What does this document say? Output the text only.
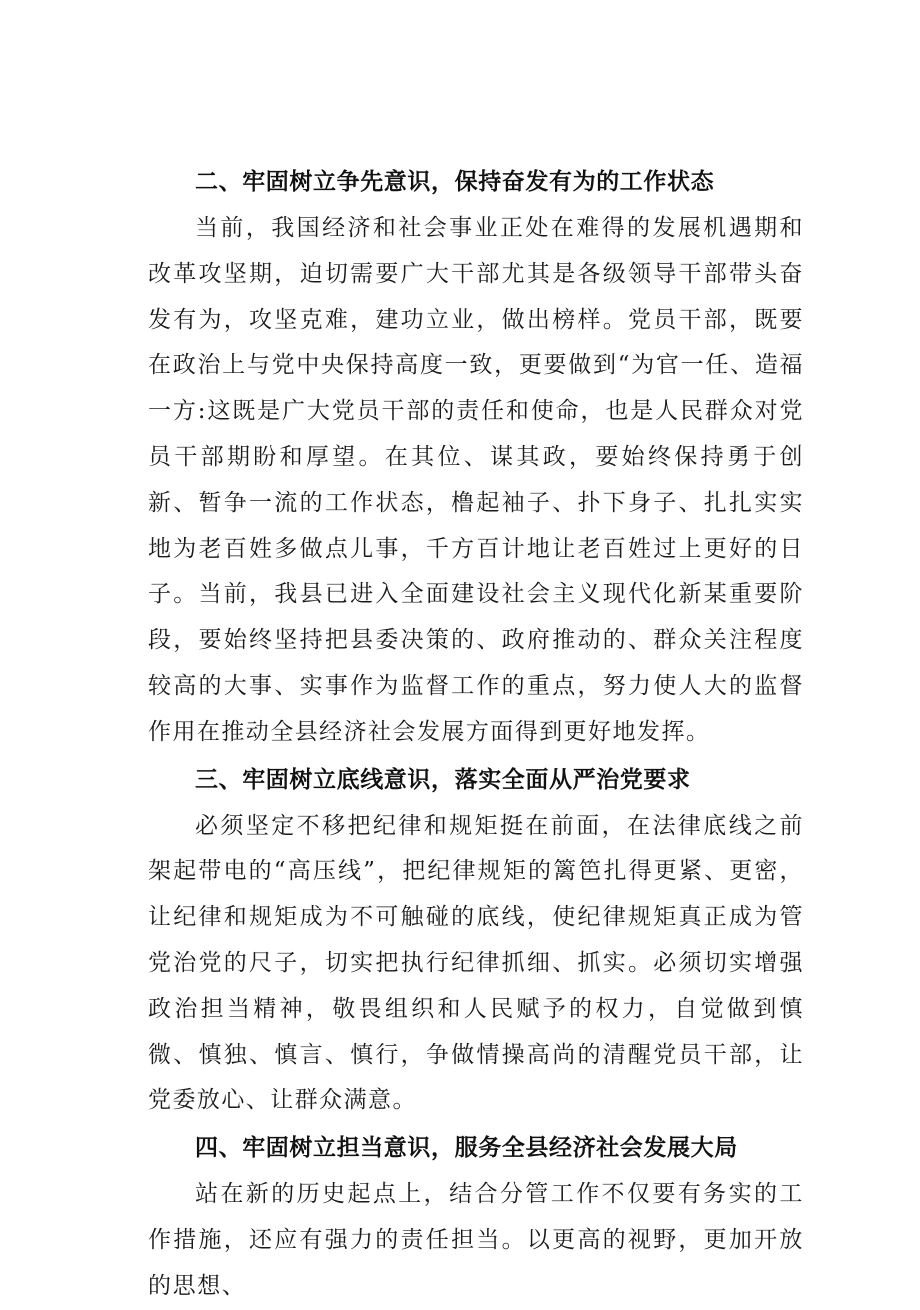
二、牢固树立争先意识，保持奋发有为的工作状态

当前，我国经济和社会事业正处在难得的发展机遇期和改革攻坚期，迫切需要广大干部尤其是各级领导干部带头奋发有为，攻坚克难，建功立业，做出榜样。党员干部，既要在政治上与党中央保持高度一致，更要做到“为官一任、造福一方:这既是广大党员干部的责任和使命，也是人民群众对党员干部期盼和厚望。在其位、谋其政，要始终保持勇于创新、暂争一流的工作状态，橹起袖子、扑下身子、扎扎实实地为老百姓多做点儿事，千方百计地让老百姓过上更好的日子。当前，我县已进入全面建设社会主义现代化新某重要阶段，要始终坚持把县委决策的、政府推动的、群众关注程度较高的大事、实事作为监督工作的重点，努力使人大的监督作用在推动全县经济社会发展方面得到更好地发挥。

三、牢固树立底线意识，落实全面从严治党要求

必须坚定不移把纪律和规矩挺在前面，在法律底线之前架起带电的“高压线”，把纪律规矩的篱笆扎得更紧、更密，让纪律和规矩成为不可触碰的底线，使纪律规矩真正成为管党治党的尺子，切实把执行纪律抓细、抓实。必须切实增强政治担当精神，敬畏组织和人民赋予的权力，自觉做到慎微、慎独、慎言、慎行，争做情操高尚的清醒党员干部，让党委放心、让群众满意。

四、牢固树立担当意识，服务全县经济社会发展大局

站在新的历史起点上，结合分管工作不仅要有务实的工作措施，还应有强力的责任担当。以更高的视野，更加开放的思想、
